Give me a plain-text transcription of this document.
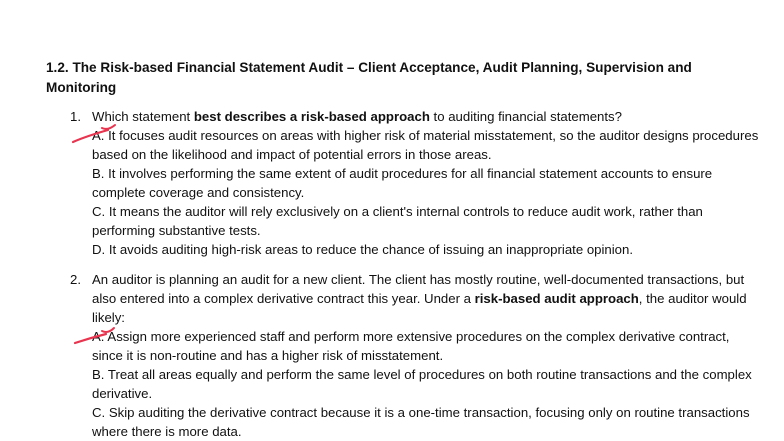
1.2. The Risk-based Financial Statement Audit – Client Acceptance, Audit Planning, Supervision and Monitoring
1. Which statement best describes a risk-based approach to auditing financial statements?

A. It focuses audit resources on areas with higher risk of material misstatement, so the auditor designs procedures based on the likelihood and impact of potential errors in those areas.

B. It involves performing the same extent of audit procedures for all financial statement accounts to ensure complete coverage and consistency.

C. It means the auditor will rely exclusively on a client's internal controls to reduce audit work, rather than performing substantive tests.

D. It avoids auditing high-risk areas to reduce the chance of issuing an inappropriate opinion.

2. An auditor is planning an audit for a new client. The client has mostly routine, well-documented transactions, but also entered into a complex derivative contract this year. Under a risk-based audit approach, the auditor would likely:

A. Assign more experienced staff and perform more extensive procedures on the complex derivative contract, since it is non-routine and has a higher risk of misstatement.

B. Treat all areas equally and perform the same level of procedures on both routine transactions and the complex derivative.

C. Skip auditing the derivative contract because it is a one-time transaction, focusing only on routine transactions where there is more data.
